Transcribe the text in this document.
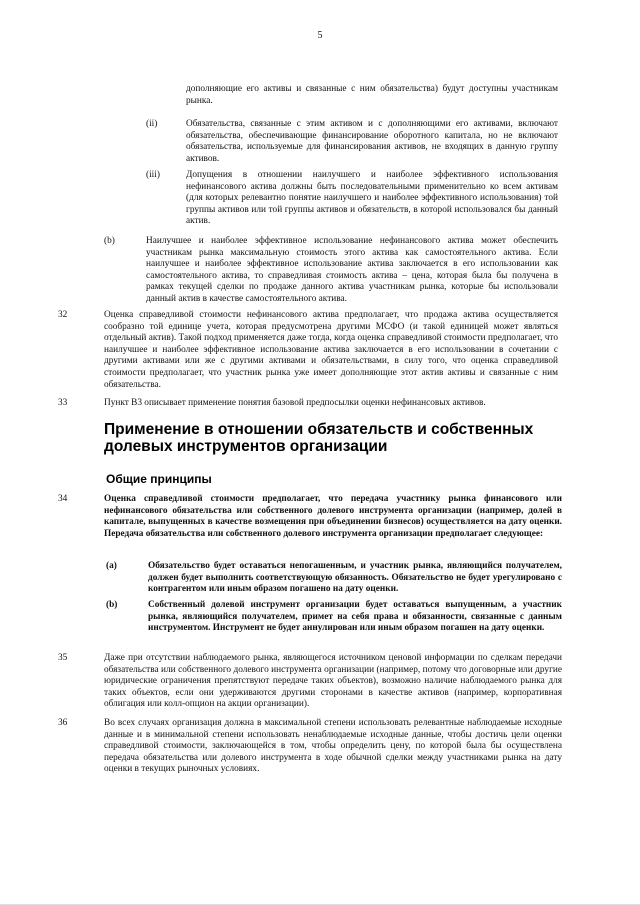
5
дополняющие его активы и связанные с ним обязательства) будут доступны участникам рынка.
(ii)	Обязательства, связанные с этим активом и с дополняющими его активами, включают обязательства, обеспечивающие финансирование оборотного капитала, но не включают обязательства, используемые для финансирования активов, не входящих в данную группу активов.
(iii)	Допущения в отношении наилучшего и наиболее эффективного использования нефинансового актива должны быть последовательными применительно ко всем активам (для которых релевантно понятие наилучшего и наиболее эффективного использования) той группы активов или той группы активов и обязательств, в которой использовался бы данный актив.
(b)	Наилучшее и наиболее эффективное использование нефинансового актива может обеспечить участникам рынка максимальную стоимость этого актива как самостоятельного актива. Если наилучшее и наиболее эффективное использование актива заключается в его использовании как самостоятельного актива, то справедливая стоимость актива – цена, которая была бы получена в рамках текущей сделки по продаже данного актива участникам рынка, которые бы использовали данный актив в качестве самостоятельного актива.
32	Оценка справедливой стоимости нефинансового актива предполагает, что продажа актива осуществляется сообразно той единице учета, которая предусмотрена другими МСФО (и такой единицей может являться отдельный актив). Такой подход применяется даже тогда, когда оценка справедливой стоимости предполагает, что наилучшее и наиболее эффективное использование актива заключается в его использовании в сочетании с другими активами или же с другими активами и обязательствами, в силу того, что оценка справедливой стоимости предполагает, что участник рынка уже имеет дополняющие этот актив активы и связанные с ним обязательства.
33	Пункт В3 описывает применение понятия базовой предпосылки оценки нефинансовых активов.
Применение в отношении обязательств и собственных долевых инструментов организации
Общие принципы
34	Оценка справедливой стоимости предполагает, что передача участнику рынка финансового или нефинансового обязательства или собственного долевого инструмента организации (например, долей в капитале, выпущенных в качестве возмещения при объединении бизнесов) осуществляется на дату оценки. Передача обязательства или собственного долевого инструмента организации предполагает следующее:
(a)	Обязательство будет оставаться непогашенным, и участник рынка, являющийся получателем, должен будет выполнить соответствующую обязанность. Обязательство не будет урегулировано с контрагентом или иным образом погашено на дату оценки.
(b)	Собственный долевой инструмент организации будет оставаться выпущенным, а участник рынка, являющийся получателем, примет на себя права и обязанности, связанные с данным инструментом. Инструмент не будет аннулирован или иным образом погашен на дату оценки.
35	Даже при отсутствии наблюдаемого рынка, являющегося источником ценовой информации по сделкам передачи обязательства или собственного долевого инструмента организации (например, потому что договорные или другие юридические ограничения препятствуют передаче таких объектов), возможно наличие наблюдаемого рынка для таких объектов, если они удерживаются другими сторонами в качестве активов (например, корпоративная облигация или колл-опцион на акции организации).
36	Во всех случаях организация должна в максимальной степени использовать релевантные наблюдаемые исходные данные и в минимальной степени использовать ненаблюдаемые исходные данные, чтобы достичь цели оценки справедливой стоимости, заключающейся в том, чтобы определить цену, по которой была бы осуществлена передача обязательства или долевого инструмента в ходе обычной сделки между участниками рынка на дату оценки в текущих рыночных условиях.
